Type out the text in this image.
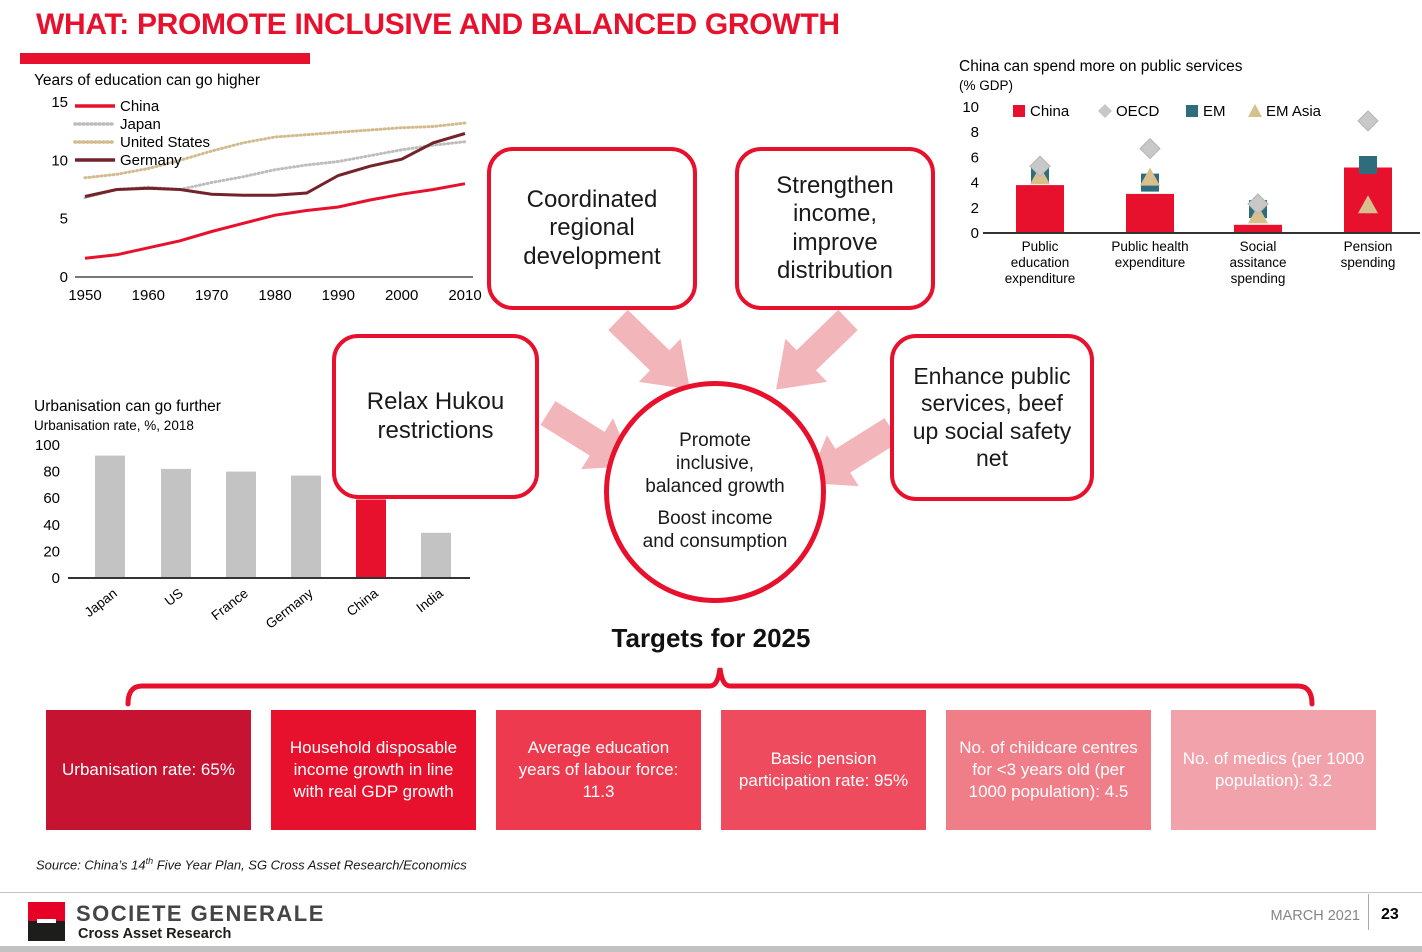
WHAT: PROMOTE INCLUSIVE AND BALANCED GROWTH
Years of education can go higher
0
5
10
15
1950 1960 1970 1980 1990 2000 2010
China
Japan
United States
Germany
China can spend more on public services
(% GDP)
0
2
4
6
8
10	China	OECD	EM	EM Asia
Public
education
expenditure
Public health
expenditure
Social
assitance
spending
Pension
spending
Urbanisation can go further
Urbanisation rate, %, 2018
0
20
40
60
80
100
Japan	US France Germany China India
Coordinated regional development
Strengthen income, improve distribution
Relax Hukou restrictions
Enhance public services, beef up social safety net

Promote inclusive, balanced growth

Boost income and consumption

Targets for 2025
Urbanisation rate: 65%
Household disposable income growth in line with real GDP growth
Average education years of labour force: 11.3
Basic pension participation rate: 95%
No. of childcare centres for <3 years old (per 1000 population): 4.5
No. of medics (per 1000 population): 3.2
Source: China’s 14th Five Year Plan, SG Cross Asset Research/Economics
SOCIETE GENERALE
Cross Asset Research
MARCH 2021 23
